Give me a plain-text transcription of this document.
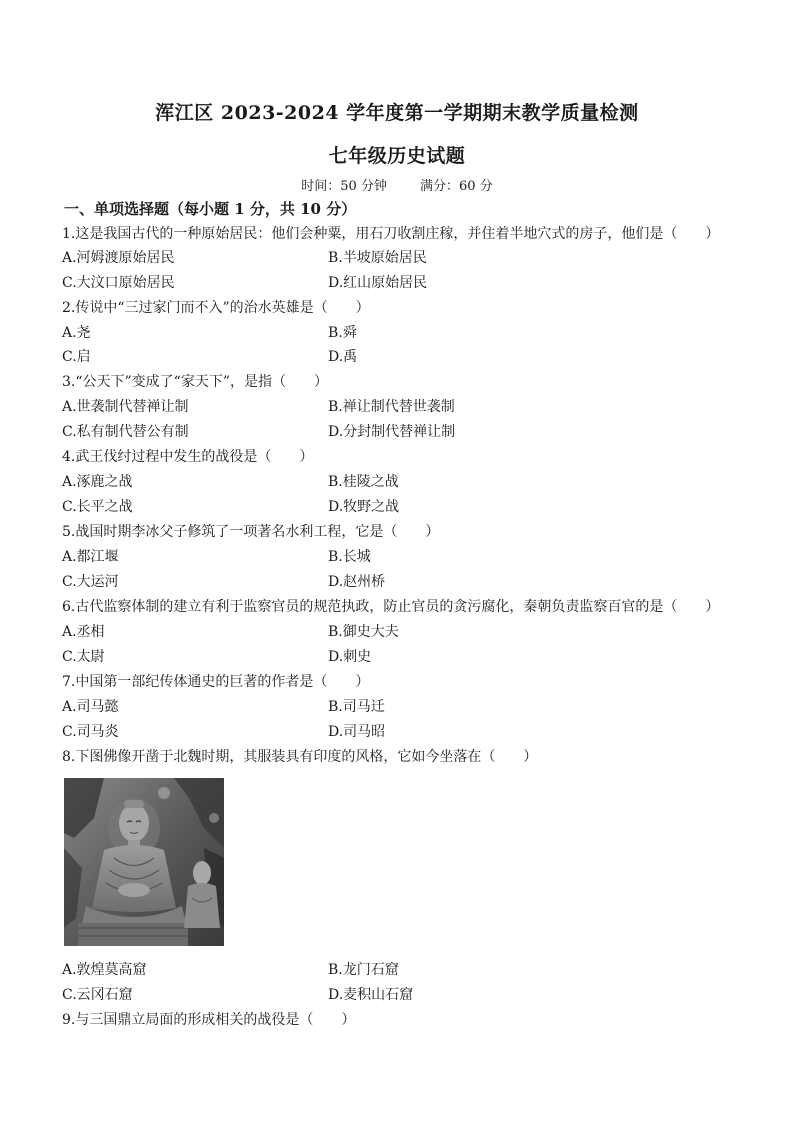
浑江区 2023-2024 学年度第一学期期末教学质量检测
七年级历史试题
时间：50 分钟	满分：60 分
一、单项选择题（每小题 1 分，共 10 分）
1.这是我国古代的一种原始居民：他们会种粟，用石刀收割庄稼，并住着半地穴式的房子，他们是（　　）
A.河姆渡原始居民	B.半坡原始居民
C.大汶口原始居民	D.红山原始居民
2.传说中“三过家门而不入”的治水英雄是（　　）
A.尧	B.舜
C.启	D.禹
3.“公天下”变成了“家天下”，是指（　　）
A.世袭制代替禅让制	B.禅让制代替世袭制
C.私有制代替公有制	D.分封制代替禅让制
4.武王伐纣过程中发生的战役是（　　）
A.涿鹿之战	B.桂陵之战
C.长平之战	D.牧野之战
5.战国时期李冰父子修筑了一项著名水利工程，它是（　　）
A.都江堰	B.长城
C.大运河	D.赵州桥
6.古代监察体制的建立有利于监察官员的规范执政，防止官员的贪污腐化，秦朝负责监察百官的是（　　）
A.丞相	B.御史大夫
C.太尉	D.刺史
7.中国第一部纪传体通史的巨著的作者是（　　）
A.司马懿	B.司马迁
C.司马炎	D.司马昭
8.下图佛像开凿于北魏时期，其服装具有印度的风格，它如今坐落在（　　）
A.敦煌莫高窟	B.龙门石窟
C.云冈石窟	D.麦积山石窟
9.与三国鼎立局面的形成相关的战役是（　　）
